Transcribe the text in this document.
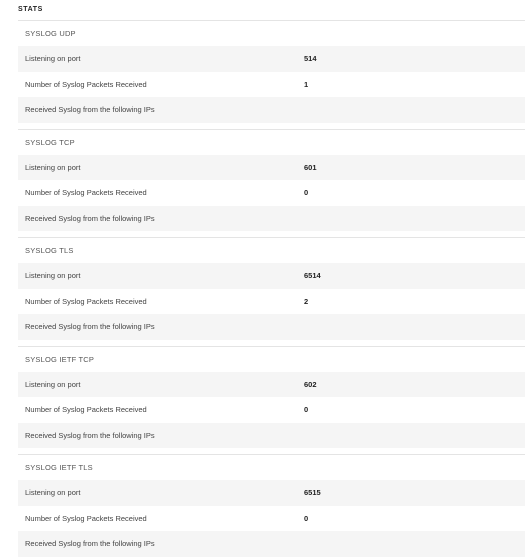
STATS
SYSLOG UDP
Listening on port	514
Number of Syslog Packets Received	1
Received Syslog from the following IPs
SYSLOG TCP
Listening on port	601
Number of Syslog Packets Received	0
Received Syslog from the following IPs
SYSLOG TLS
Listening on port	6514
Number of Syslog Packets Received	2
Received Syslog from the following IPs
SYSLOG IETF TCP
Listening on port	602
Number of Syslog Packets Received	0
Received Syslog from the following IPs
SYSLOG IETF TLS
Listening on port	6515
Number of Syslog Packets Received	0
Received Syslog from the following IPs
